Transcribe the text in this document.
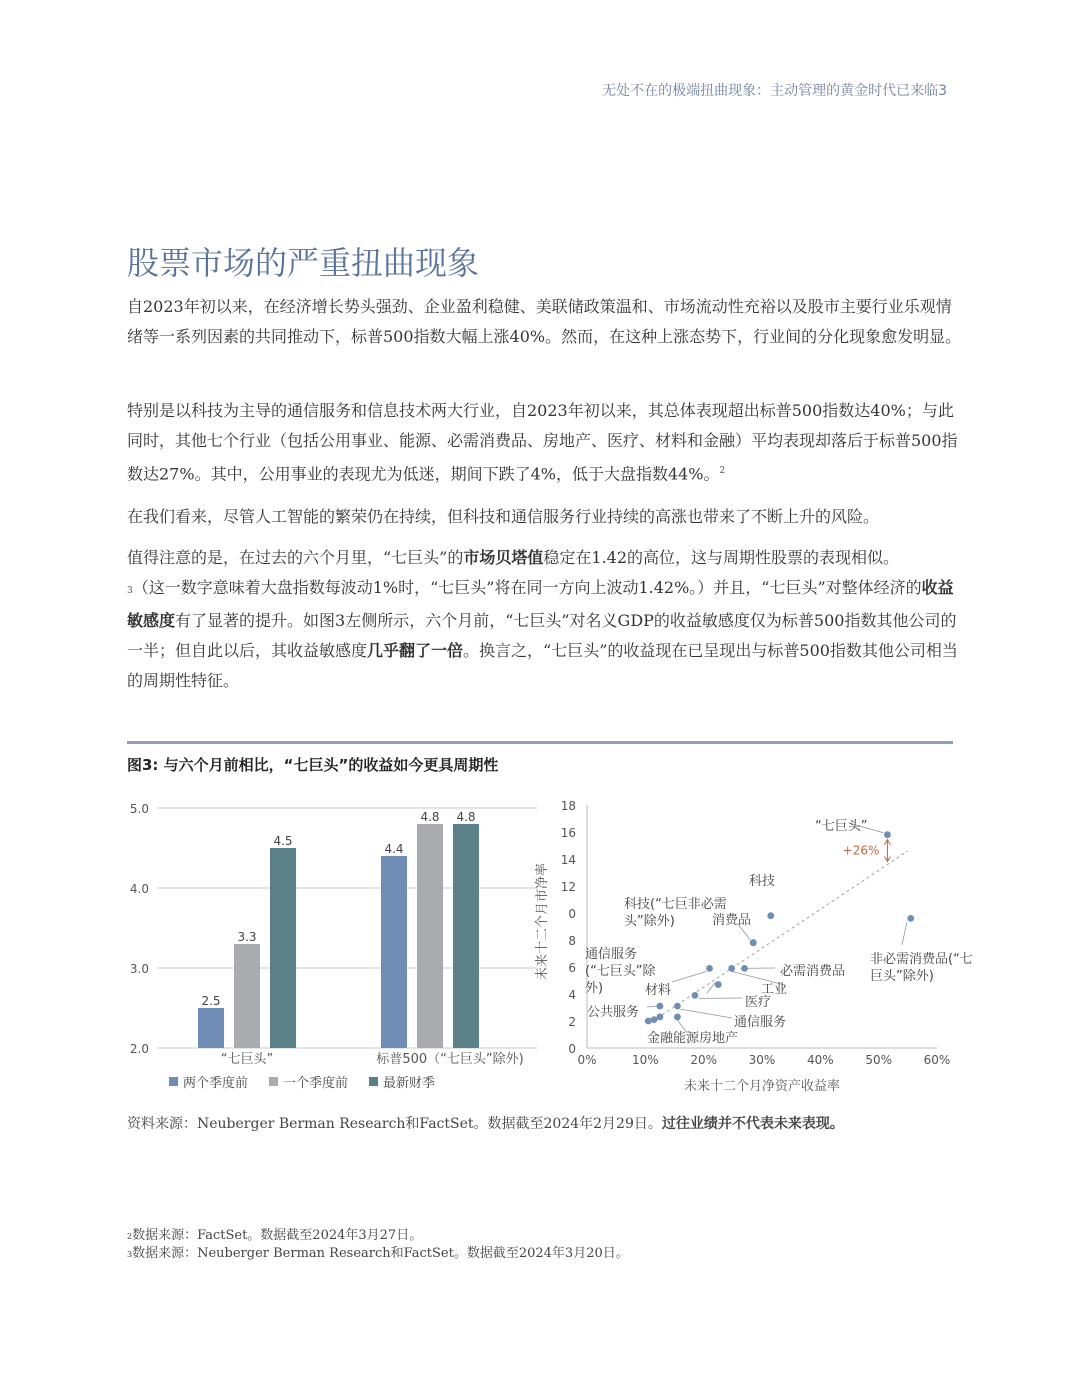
无处不在的极端扭曲现象：主动管理的黄金时代已来临3
股票市场的严重扭曲现象

自2023年初以来，在经济增长势头强劲、企业盈利稳健、美联储政策温和、市场流动性充裕以及股市主要行业乐观情绪等一系列因素的共同推动下，标普500指数大幅上涨40%。然而，在这种上涨态势下，行业间的分化现象愈发明显。

特别是以科技为主导的通信服务和信息技术两大行业，自2023年初以来，其总体表现超出标普500指数达40%；与此同时，其他七个行业（包括公用事业、能源、必需消费品、房地产、医疗、材料和金融）平均表现却落后于标普500指数达27%。其中，公用事业的表现尤为低迷，期间下跌了4%，低于大盘指数44%。$^2$

在我们看来，尽管人工智能的繁荣仍在持续，但科技和通信服务行业持续的高涨也带来了不断上升的风险。

值得注意的是，在过去的六个月里，“七巨头”的市场贝塔值稳定在1.42的高位，这与周期性股票的表现相似。
3（这一数字意味着大盘指数每波动1%时，“七巨头”将在同一方向上波动1.42%。）并且，“七巨头”对整体经济的收益敏感度有了显著的提升。如图3左侧所示，六个月前，“七巨头”对名义GDP的收益敏感度仅为标普500指数其他公司的一半；但自此以后，其收益敏感度几乎翻了一倍。换言之，“七巨头”的收益现在已呈现出与标普500指数其他公司相当的周期性特征。

图3: 与六个月前相比，“七巨头”的收益如今更具周期性
2.0
3.0
4.0
5.0
2.5
3.3
4.5
“七巨头”
4.4
4.8 4.8
标普500（“七巨头”除外)
两个季度前	一个季度前	最新财季
0
2
4
6
8
0
12
14
16
18
0%	10%	20%	30%	40%	50%	60%
未来十二个月净资产收益率
未来十二个月市净率
+26%
“七巨头”
科技
非必需消费品(“七
巨头”除外)
科技(“七巨非必需
头”除外)
通信服务
(“七巨头”除
外)
必需消费品
工业
材料
医疗
公共服务
通信服务
金融能源房地产
消费品
资料来源：Neuberger Berman Research和FactSet。数据截至2024年2月29日。过往业绩并不代表未来表现。
2数据来源：FactSet。数据截至2024年3月27日。
3数据来源：Neuberger Berman Research和FactSet。数据截至2024年3月20日。
